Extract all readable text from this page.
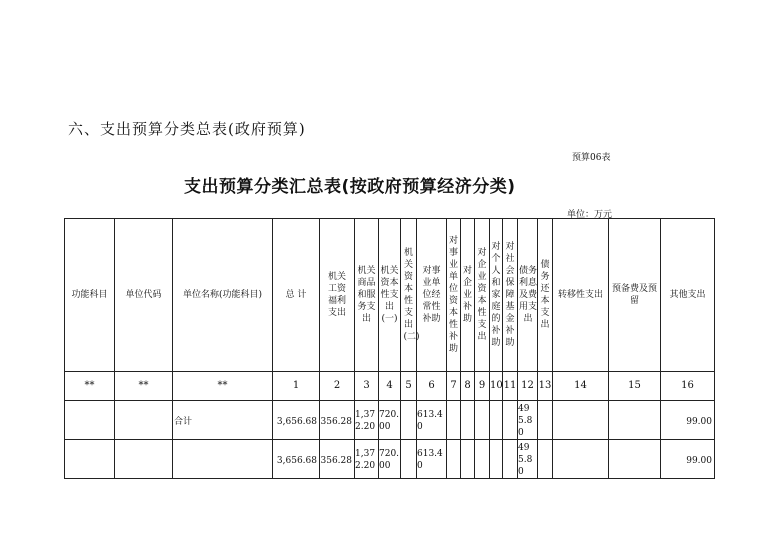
六、支出预算分类总表(政府预算)
预算06表
支出预算分类汇总表(按政府预算经济分类)
单位：万元
功能科目	单位代码	单位名称(功能科目)	总 计	机关工资福利支出	机关商品和服务支出	机关资本性支出(一)	机关资本性支出(二)	对事业单位经常性补助	对事业单位资本性补助	对企业补助	对企业资本性支出	对个人和家庭的补助	对社会保障基金补助	债务利息及费用支出	债务还本支出	转移性支出	预备费及预留	其他支出
**	**	**	1	2	3	4	5	6	7	8	9	10	11	12	13	14	15	16
		合计	3,656.68	356.28	1,372.20	720.00		613.40						495.80				99.00
			3,656.68	356.28	1,372.20	720.00		613.40						495.80				99.00
